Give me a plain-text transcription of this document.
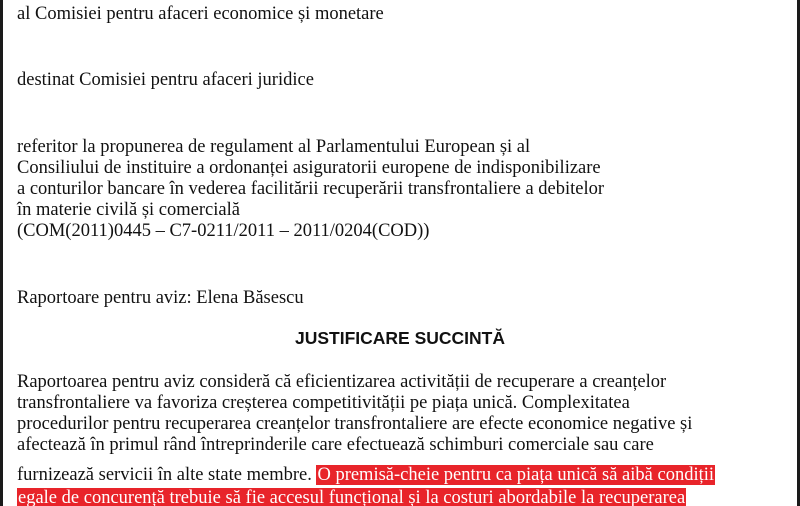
al Comisiei pentru afaceri economice și monetare

destinat Comisiei pentru afaceri juridice

referitor la propunerea de regulament al Parlamentului European și al

Consiliului de instituire a ordonanței asiguratorii europene de indisponibilizare

a conturilor bancare în vederea facilitării recuperării transfrontaliere a debitelor

în materie civilă și comercială

(COM(2011)0445 – C7-0211/2011 – 2011/0204(COD))

Raportoare pentru aviz: Elena Băsescu

JUSTIFICARE SUCCINTĂ

Raportoarea pentru aviz consideră că eficientizarea activității de recuperare a creanțelor

transfrontaliere va favoriza creșterea competitivității pe piața unică. Complexitatea

procedurilor pentru recuperarea creanțelor transfrontaliere are efecte economice negative și

afectează în primul rând întreprinderile care efectuează schimburi comerciale sau care

furnizează servicii în alte state membre. O premisă-cheie pentru ca piața unică să aibă condiții

egale de concurență trebuie să fie accesul funcțional și la costuri abordabile la recuperarea
